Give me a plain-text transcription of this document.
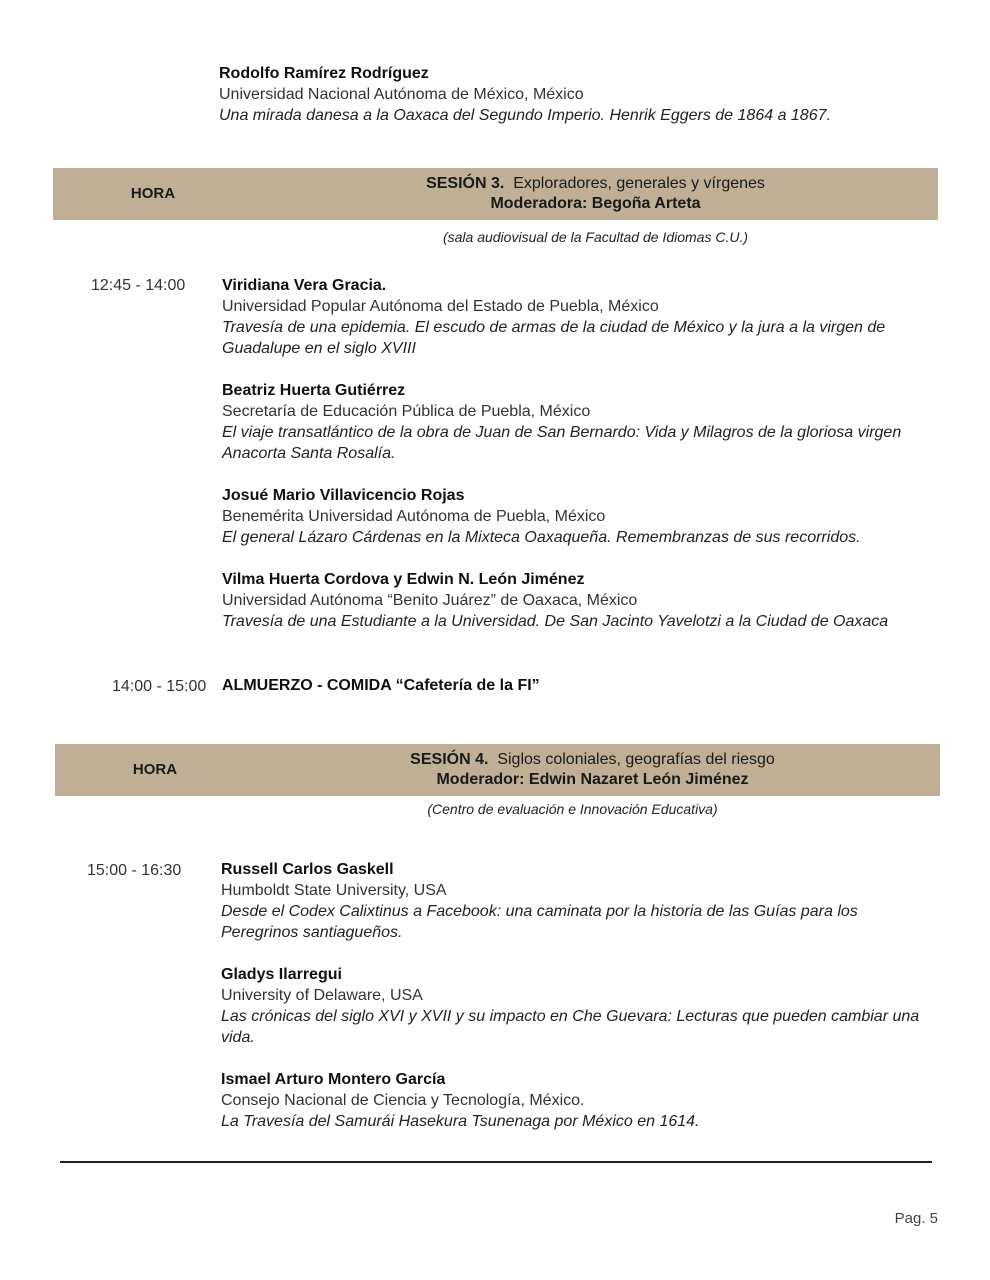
Rodolfo Ramírez Rodríguez
Universidad Nacional Autónoma de México, México
Una mirada danesa a la Oaxaca del Segundo Imperio. Henrik Eggers de 1864 a 1867.
HORA
SESIÓN 3. Exploradores, generales y vírgenes
Moderadora: Begoña Arteta
(sala audiovisual de la Facultad de Idiomas C.U.)
12:45 - 14:00 Viridiana Vera Gracia.
Universidad Popular Autónoma del Estado de Puebla, México
Travesía de una epidemia. El escudo de armas de la ciudad de México y la jura a la virgen de Guadalupe en el siglo XVIII
Beatriz Huerta Gutiérrez
Secretaría de Educación Pública de Puebla, México
El viaje transatlántico de la obra de Juan de San Bernardo: Vida y Milagros de la gloriosa virgen Anacorta Santa Rosalía.
Josué Mario Villavicencio Rojas
Benemérita Universidad Autónoma de Puebla, México
El general Lázaro Cárdenas en la Mixteca Oaxaqueña. Remembranzas de sus recorridos.
Vilma Huerta Cordova y Edwin N. León Jiménez
Universidad Autónoma “Benito Juárez” de Oaxaca, México
Travesía de una Estudiante a la Universidad. De San Jacinto Yavelotzi a la Ciudad de Oaxaca
14:00 - 15:00 ALMUERZO - COMIDA “Cafetería de la FI”
HORA
SESIÓN 4. Siglos coloniales, geografías del riesgo
Moderador: Edwin Nazaret León Jiménez
(Centro de evaluación e Innovación Educativa)
15:00 - 16:30 Russell Carlos Gaskell
Humboldt State University, USA
Desde el Codex Calixtinus a Facebook: una caminata por la historia de las Guías para los Peregrinos santiagueños.
Gladys Ilarregui
University of Delaware, USA
Las crónicas del siglo XVI y XVII y su impacto en Che Guevara: Lecturas que pueden cambiar una vida.
Ismael Arturo Montero García
Consejo Nacional de Ciencia y Tecnología, México.
La Travesía del Samurái Hasekura Tsunenaga por México en 1614.
Pag. 5
